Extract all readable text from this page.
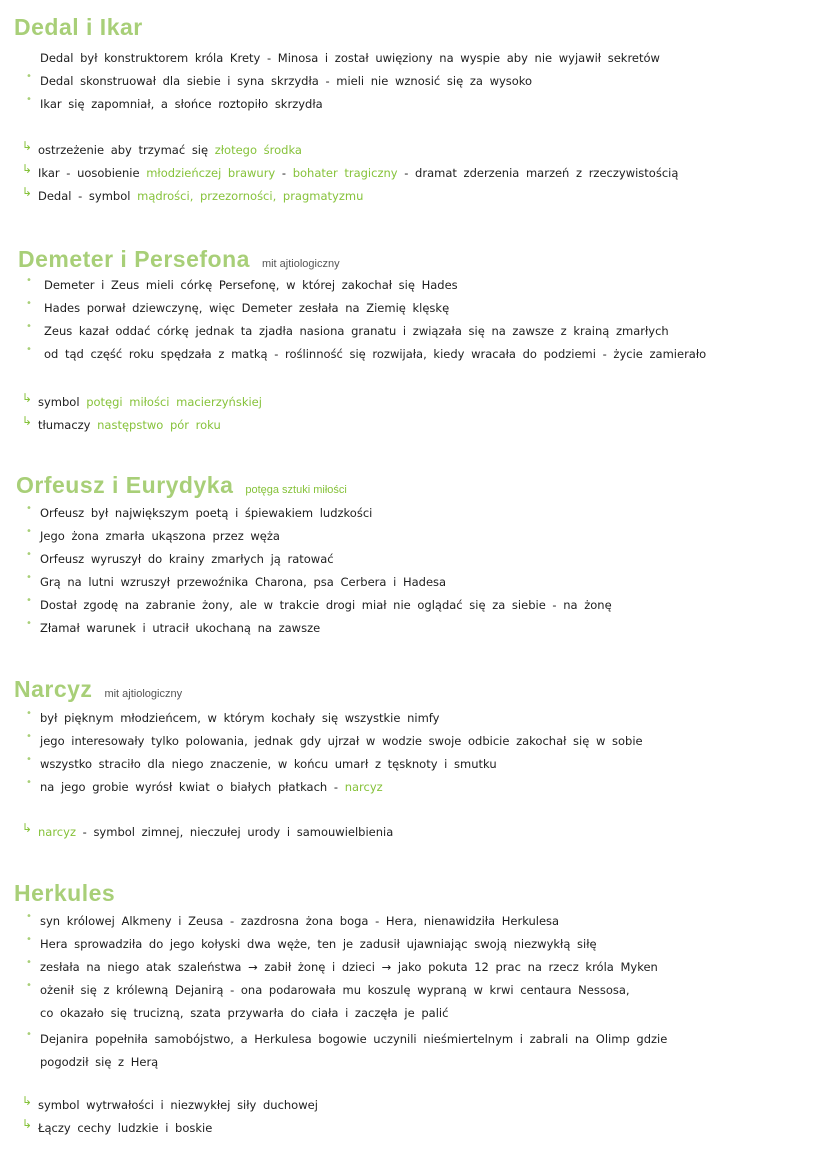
Dedal i Ikar
Dedal był konstruktorem króla Krety - Minosa i został uwięziony na wyspie aby nie wyjawił sekretów
• Dedal skonstruował dla siebie i syna skrzydła - mieli nie wznosić się za wysoko
• Ikar się zapomniał, a słońce roztopiło skrzydła
↳ ostrzeżenie aby trzymać się złotego środka
↳ Ikar - uosobienie młodzieńczej brawury - bohater tragiczny - dramat zderzenia marzeń z rzeczywistością
↳ Dedal - symbol mądrości, przezorności, pragmatyzmu
Demeter i Persefona mit ajtiologiczny
• Demeter i Zeus mieli córkę Persefonę, w której zakochał się Hades
• Hades porwał dziewczynę, więc Demeter zesłała na Ziemię klęskę
• Zeus kazał oddać córkę jednak ta zjadła nasiona granatu i związała się na zawsze z krainą zmarłych
• od tąd część roku spędzała z matką - roślinność się rozwijała, kiedy wracała do podziemi - życie zamierało
↳ symbol potęgi miłości macierzyńskiej
↳ tłumaczy następstwo pór roku
Orfeusz i Eurydyka potęga sztuki miłości
• Orfeusz był największym poetą i śpiewakiem ludzkości
• Jego żona zmarła ukąszona przez węża
• Orfeusz wyruszył do krainy zmarłych ją ratować
• Grą na lutni wzruszył przewoźnika Charona, psa Cerbera i Hadesa
• Dostał zgodę na zabranie żony, ale w trakcie drogi miał nie oglądać się za siebie - na żonę
• Złamał warunek i utracił ukochaną na zawsze
Narcyz mit ajtiologiczny
• był pięknym młodzieńcem, w którym kochały się wszystkie nimfy
• jego interesowały tylko polowania, jednak gdy ujrzał w wodzie swoje odbicie zakochał się w sobie
• wszystko straciło dla niego znaczenie, w końcu umarł z tęsknoty i smutku
• na jego grobie wyrósł kwiat o białych płatkach - narcyz
↳ narcyz - symbol zimnej, nieczułej urody i samouwielbienia
Herkules
• syn królowej Alkmeny i Zeusa - zazdrosna żona boga - Hera, nienawidziła Herkulesa
• Hera sprowadziła do jego kołyski dwa węże, ten je zadusił ujawniając swoją niezwykłą siłę
• zesłała na niego atak szaleństwa → zabił żonę i dzieci → jako pokuta 12 prac na rzecz króla Myken
• ożenił się z królewną Dejanirą - ona podarowała mu koszulę wypraną w krwi centaura Nessosa,
co okazało się trucizną, szata przywarła do ciała i zaczęła je palić
• Dejanira popełniła samobójstwo, a Herkulesa bogowie uczynili nieśmiertelnym i zabrali na Olimp gdzie
pogodził się z Herą
↳ symbol wytrwałości i niezwykłej siły duchowej
↳ Łączy cechy ludzkie i boskie
